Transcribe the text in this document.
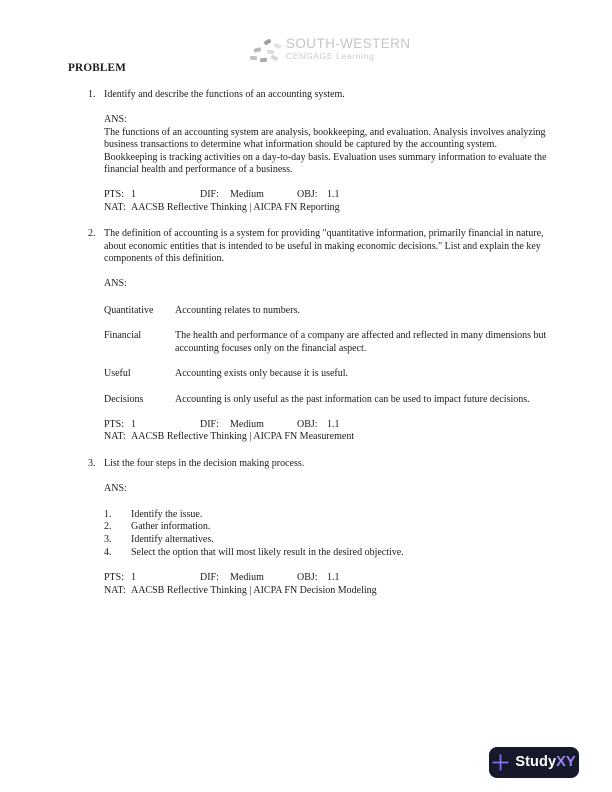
SOUTH-WESTERN
CENGAGE Learning
PROBLEM
1. Identify and describe the functions of an accounting system.
ANS:
The functions of an accounting system are analysis, bookkeeping, and evaluation. Analysis involves analyzing business transactions to determine what information should be captured by the accounting system. Bookkeeping is tracking activities on a day-to-day basis. Evaluation uses summary information to evaluate the financial health and performance of a business.
PTS: 1	DIF: Medium	OBJ: 1.1
NAT: AACSB Reflective Thinking | AICPA FN Reporting
2. The definition of accounting is a system for providing "quantitative information, primarily financial in nature, about economic entities that is intended to be useful in making economic decisions." List and explain the key components of this definition.
ANS:
Quantitative	Accounting relates to numbers.
Financial	The health and performance of a company are affected and reflected in many dimensions but accounting focuses only on the financial aspect.
Useful	Accounting exists only because it is useful.
Decisions	Accounting is only useful as the past information can be used to impact future decisions.
PTS: 1	DIF: Medium	OBJ: 1.1
NAT: AACSB Reflective Thinking | AICPA FN Measurement
3. List the four steps in the decision making process.
ANS:
1.	Identify the issue.
2.	Gather information.
3.	Identify alternatives.
4.	Select the option that will most likely result in the desired objective.
PTS: 1	DIF: Medium	OBJ: 1.1
NAT: AACSB Reflective Thinking | AICPA FN Decision Modeling
StudyXY
